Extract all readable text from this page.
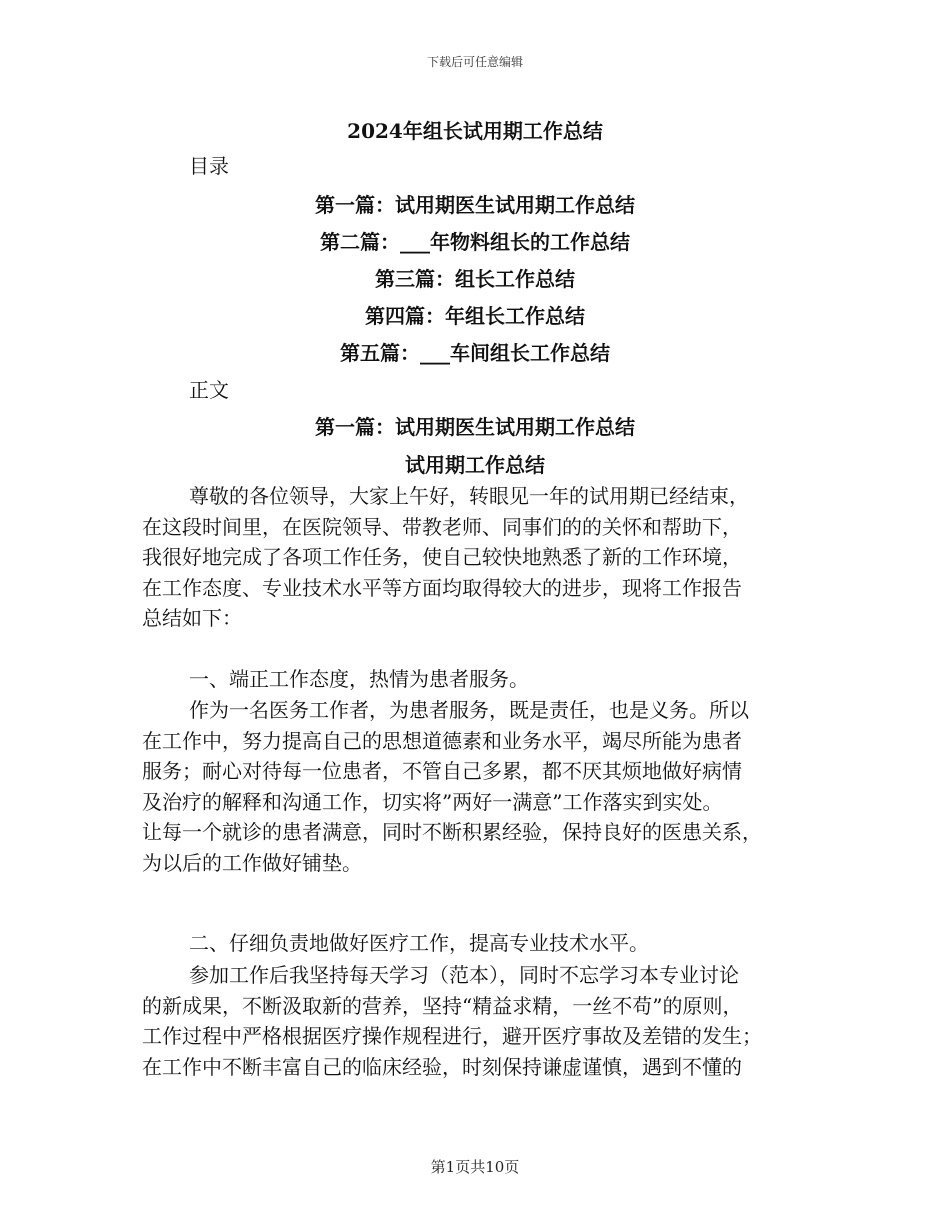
下载后可任意编辑
2024年组长试用期工作总结
目录
第一篇：试用期医生试用期工作总结
第二篇：___年物料组长的工作总结
第三篇：组长工作总结
第四篇：年组长工作总结
第五篇：___车间组长工作总结
正文
第一篇：试用期医生试用期工作总结
试用期工作总结
尊敬的各位领导，大家上午好，转眼见一年的试用期已经结束，
在这段时间里，在医院领导、带教老师、同事们的的关怀和帮助下，
我很好地完成了各项工作任务，使自己较快地熟悉了新的工作环境，
在工作态度、专业技术水平等方面均取得较大的进步，现将工作报告
总结如下：
一、端正工作态度，热情为患者服务。
作为一名医务工作者，为患者服务，既是责任，也是义务。所以
在工作中，努力提高自己的思想道德素和业务水平，竭尽所能为患者
服务；耐心对待每一位患者，不管自己多累，都不厌其烦地做好病情
及治疗的解释和沟通工作，切实将”两好一满意”工作落实到实处。
让每一个就诊的患者满意，同时不断积累经验，保持良好的医患关系，
为以后的工作做好铺垫。
二、仔细负责地做好医疗工作，提高专业技术水平。
参加工作后我坚持每天学习（范本），同时不忘学习本专业讨论
的新成果，不断汲取新的营养，坚持“精益求精，一丝不苟”的原则，
工作过程中严格根据医疗操作规程进行，避开医疗事故及差错的发生；
在工作中不断丰富自己的临床经验，时刻保持谦虚谨慎，遇到不懂的
第1页共10页
